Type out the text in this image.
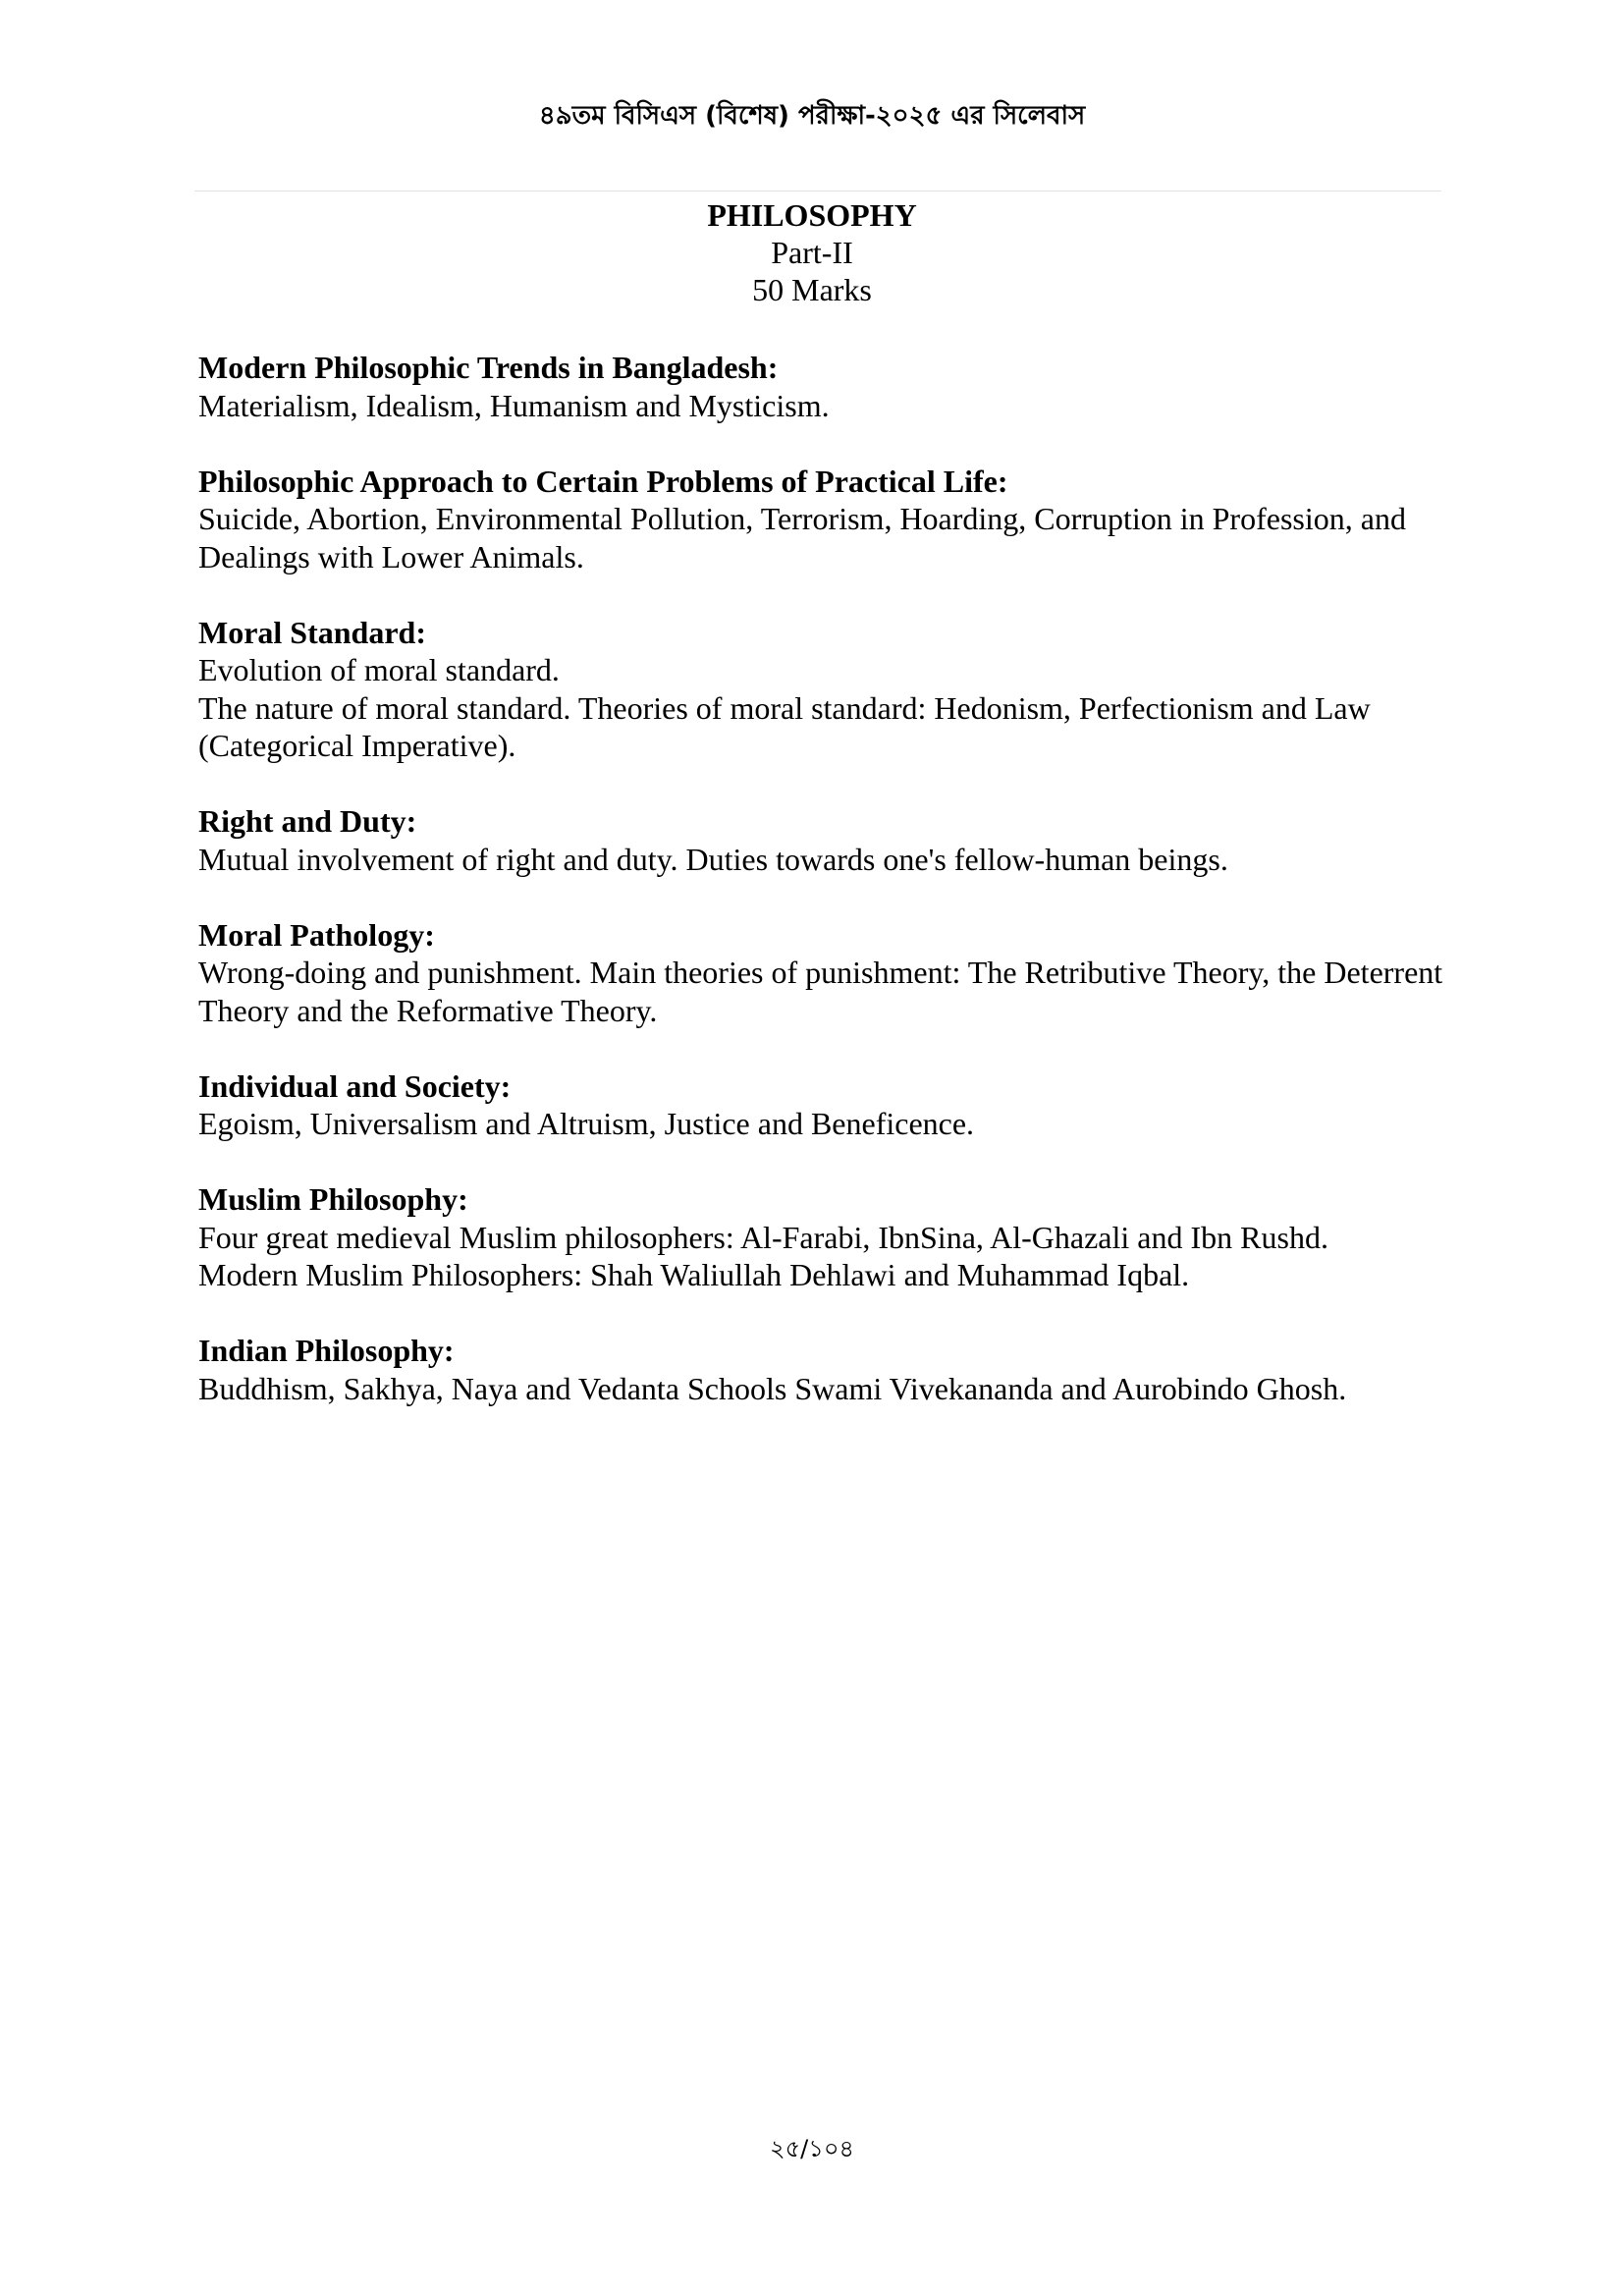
৪৯তম বিসিএস (বিশেষ) পরীক্ষা-২০২৫ এর সিলেবাস
PHILOSOPHY
Part-II
50 Marks
Modern Philosophic Trends in Bangladesh:
Materialism, Idealism, Humanism and Mysticism.
Philosophic Approach to Certain Problems of Practical Life:
Suicide, Abortion, Environmental Pollution, Terrorism, Hoarding, Corruption in Profession, and Dealings with Lower Animals.
Moral Standard:
Evolution of moral standard.
The nature of moral standard. Theories of moral standard: Hedonism, Perfectionism and Law (Categorical Imperative).
Right and Duty:
Mutual involvement of right and duty. Duties towards one's fellow-human beings.
Moral Pathology:
Wrong-doing and punishment. Main theories of punishment: The Retributive Theory, the Deterrent Theory and the Reformative Theory.
Individual and Society:
Egoism, Universalism and Altruism, Justice and Beneficence.
Muslim Philosophy:
Four great medieval Muslim philosophers: Al-Farabi, IbnSina, Al-Ghazali and Ibn Rushd.
Modern Muslim Philosophers: Shah Waliullah Dehlawi and Muhammad Iqbal.
Indian Philosophy:
Buddhism, Sakhya, Naya and Vedanta Schools Swami Vivekananda and Aurobindo Ghosh.
২৫/১০৪
